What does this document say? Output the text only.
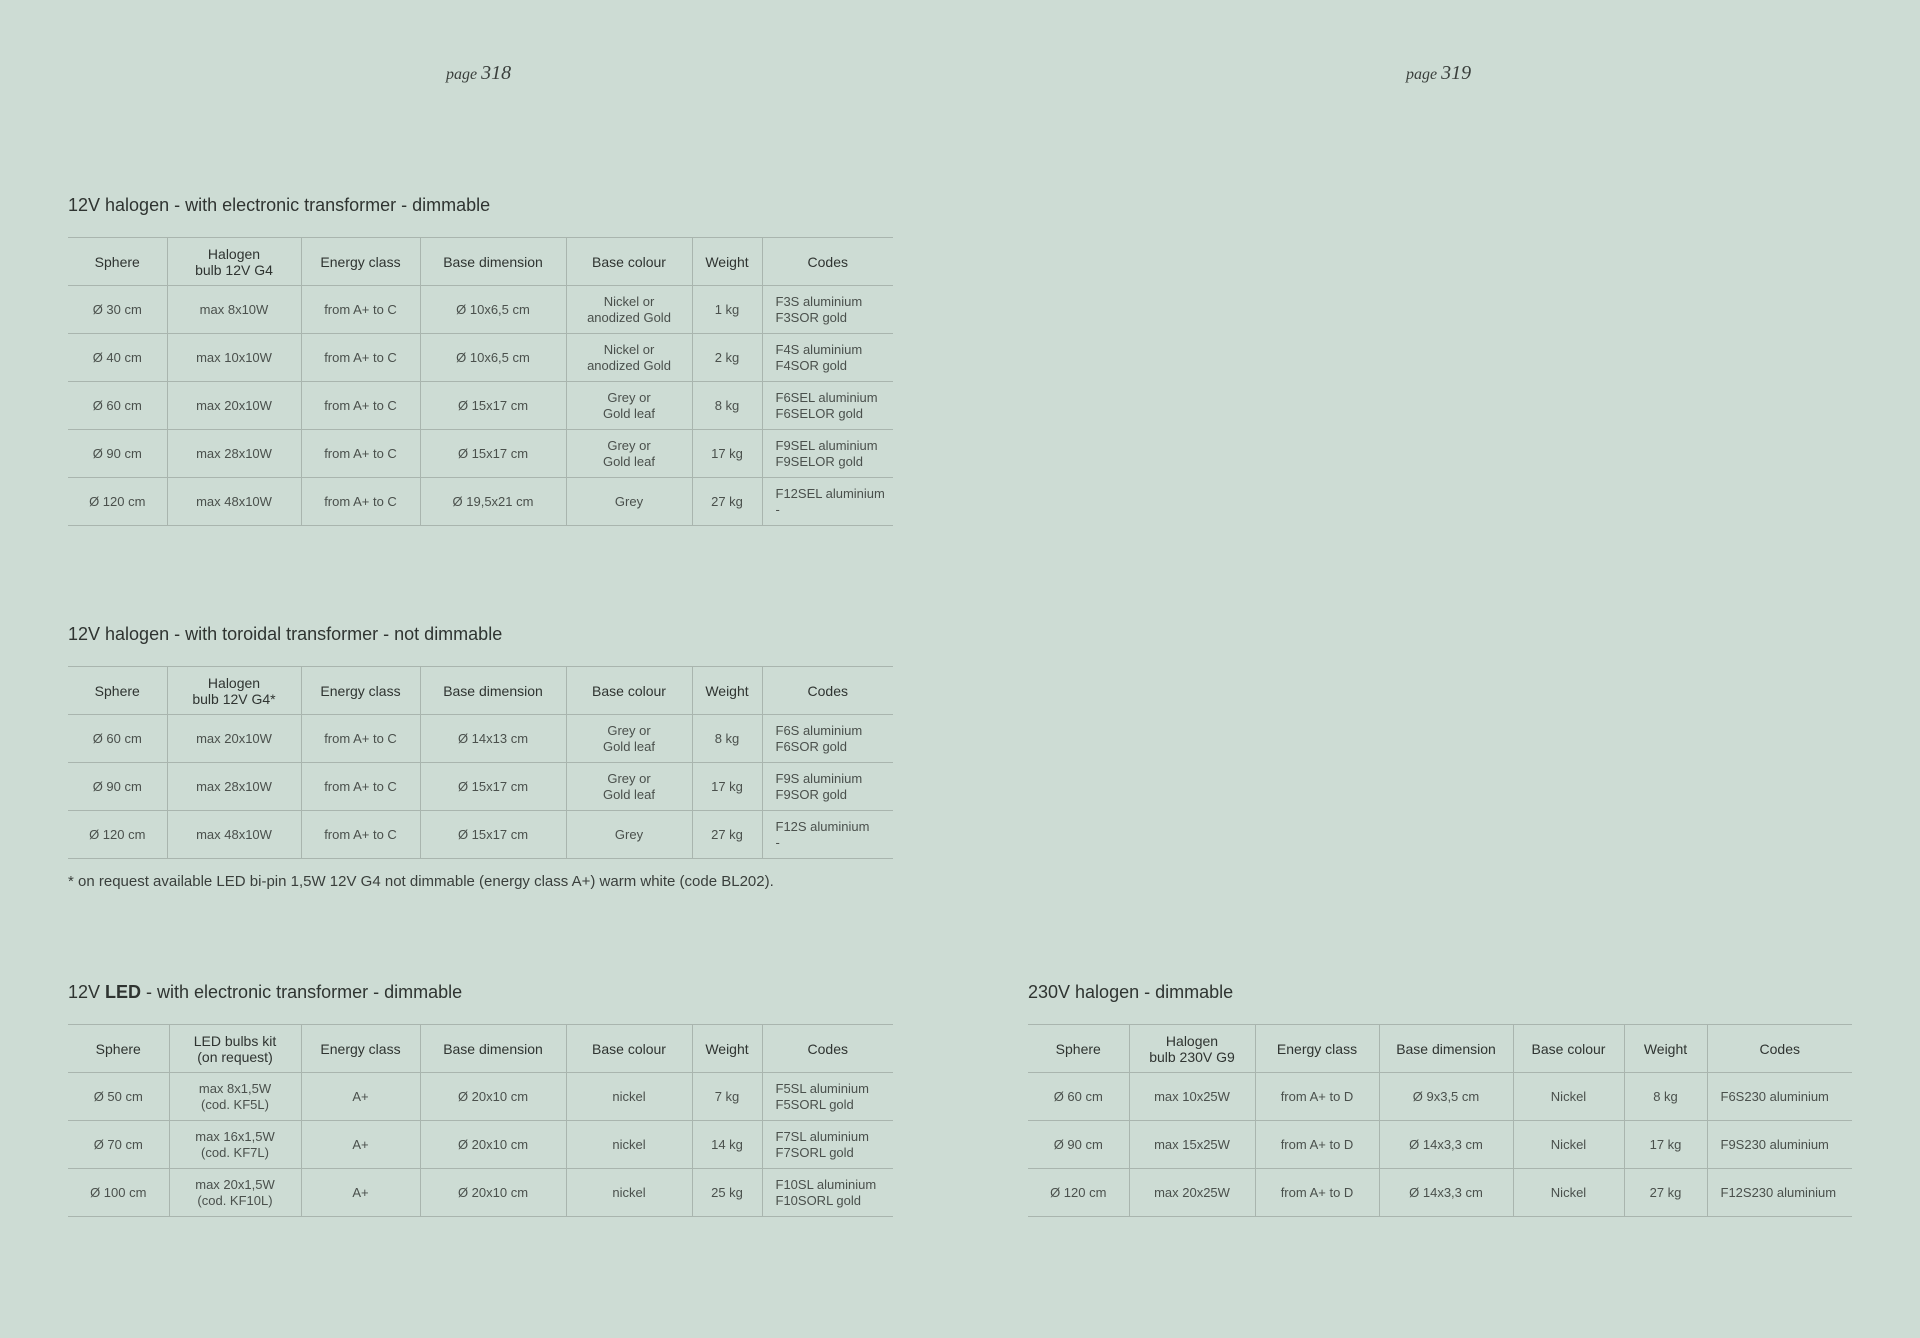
page 318	page 319
12V halogen - with electronic transformer - dimmable
Sphere	Halogen
bulb 12V G4	Energy class	Base dimension	Base colour	Weight	Codes
Ø 30 cm	max 8x10W	from A+ to C	Ø 10x6,5 cm	Nickel or
anodized Gold	1 kg	F3S aluminium
F3SOR gold
Ø 40 cm	max 10x10W	from A+ to C	Ø 10x6,5 cm	Nickel or
anodized Gold	2 kg	F4S aluminium
F4SOR gold
Ø 60 cm	max 20x10W	from A+ to C	Ø 15x17 cm	Grey or
Gold leaf	8 kg	F6SEL aluminium
F6SELOR gold
Ø 90 cm	max 28x10W	from A+ to C	Ø 15x17 cm	Grey or
Gold leaf	17 kg	F9SEL aluminium
F9SELOR gold
Ø 120 cm	max 48x10W	from A+ to C	Ø 19,5x21 cm	Grey	27 kg	F12SEL aluminium
-
12V halogen - with toroidal transformer - not dimmable
Sphere	Halogen
bulb 12V G4*	Energy class	Base dimension	Base colour	Weight	Codes
Ø 60 cm	max 20x10W	from A+ to C	Ø 14x13 cm	Grey or
Gold leaf	8 kg	F6S aluminium
F6SOR gold
Ø 90 cm	max 28x10W	from A+ to C	Ø 15x17 cm	Grey or
Gold leaf	17 kg	F9S aluminium
F9SOR gold
Ø 120 cm	max 48x10W	from A+ to C	Ø 15x17 cm	Grey	27 kg	F12S aluminium
-
* on request available LED bi-pin 1,5W 12V G4 not dimmable (energy class A+) warm white (code BL202).
12V LED - with electronic transformer - dimmable
Sphere	LED bulbs kit
(on request)	Energy class	Base dimension	Base colour	Weight	Codes
Ø 50 cm	max 8x1,5W
(cod. KF5L)	A+	Ø 20x10 cm	nickel	7 kg	F5SL aluminium
F5SORL gold
Ø 70 cm	max 16x1,5W
(cod. KF7L)	A+	Ø 20x10 cm	nickel	14 kg	F7SL aluminium
F7SORL gold
Ø 100 cm	max 20x1,5W
(cod. KF10L)	A+	Ø 20x10 cm	nickel	25 kg	F10SL aluminium
F10SORL gold
230V halogen - dimmable
Sphere	Halogen
bulb 230V G9	Energy class	Base dimension	Base colour	Weight	Codes
Ø 60 cm	max 10x25W	from A+ to D	Ø 9x3,5 cm	Nickel	8 kg	F6S230 aluminium
Ø 90 cm	max 15x25W	from A+ to D	Ø 14x3,3 cm	Nickel	17 kg	F9S230 aluminium
Ø 120 cm	max 20x25W	from A+ to D	Ø 14x3,3 cm	Nickel	27 kg	F12S230 aluminium
